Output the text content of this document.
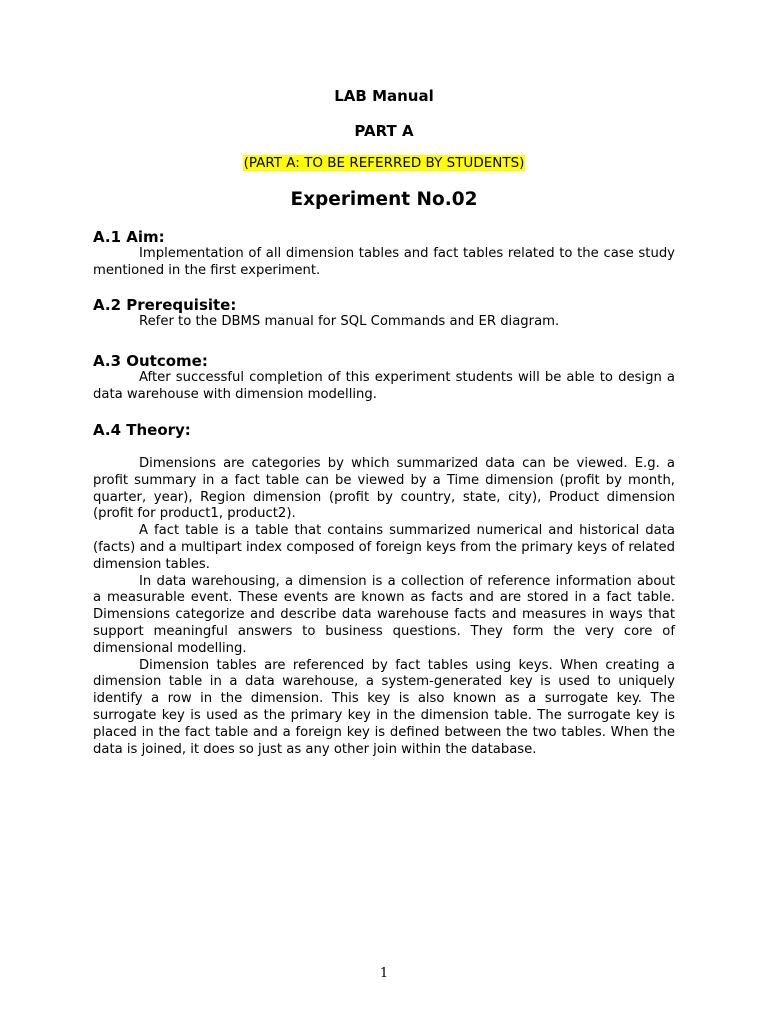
LAB Manual
PART A
(PART A: TO BE REFERRED BY STUDENTS)
Experiment No.02

A.1 Aim:

Implementation of all dimension tables and fact tables related to the case study mentioned in the first experiment.

A.2 Prerequisite:

Refer to the DBMS manual for SQL Commands and ER diagram.

A.3 Outcome:

After successful completion of this experiment students will be able to design a data warehouse with dimension modelling.

A.4 Theory:

Dimensions are categories by which summarized data can be viewed. E.g. a profit summary in a fact table can be viewed by a Time dimension (profit by month, quarter, year), Region dimension (profit by country, state, city), Product dimension (profit for product1, product2).

A fact table is a table that contains summarized numerical and historical data (facts) and a multipart index composed of foreign keys from the primary keys of related dimension tables.

In data warehousing, a dimension is a collection of reference information about a measurable event. These events are known as facts and are stored in a fact table. Dimensions categorize and describe data warehouse facts and measures in ways that support meaningful answers to business questions. They form the very core of dimensional modelling.

Dimension tables are referenced by fact tables using keys. When creating a dimension table in a data warehouse, a system-generated key is used to uniquely identify a row in the dimension. This key is also known as a surrogate key. The surrogate key is used as the primary key in the dimension table. The surrogate key is placed in the fact table and a foreign key is defined between the two tables. When the data is joined, it does so just as any other join within the database.

1
